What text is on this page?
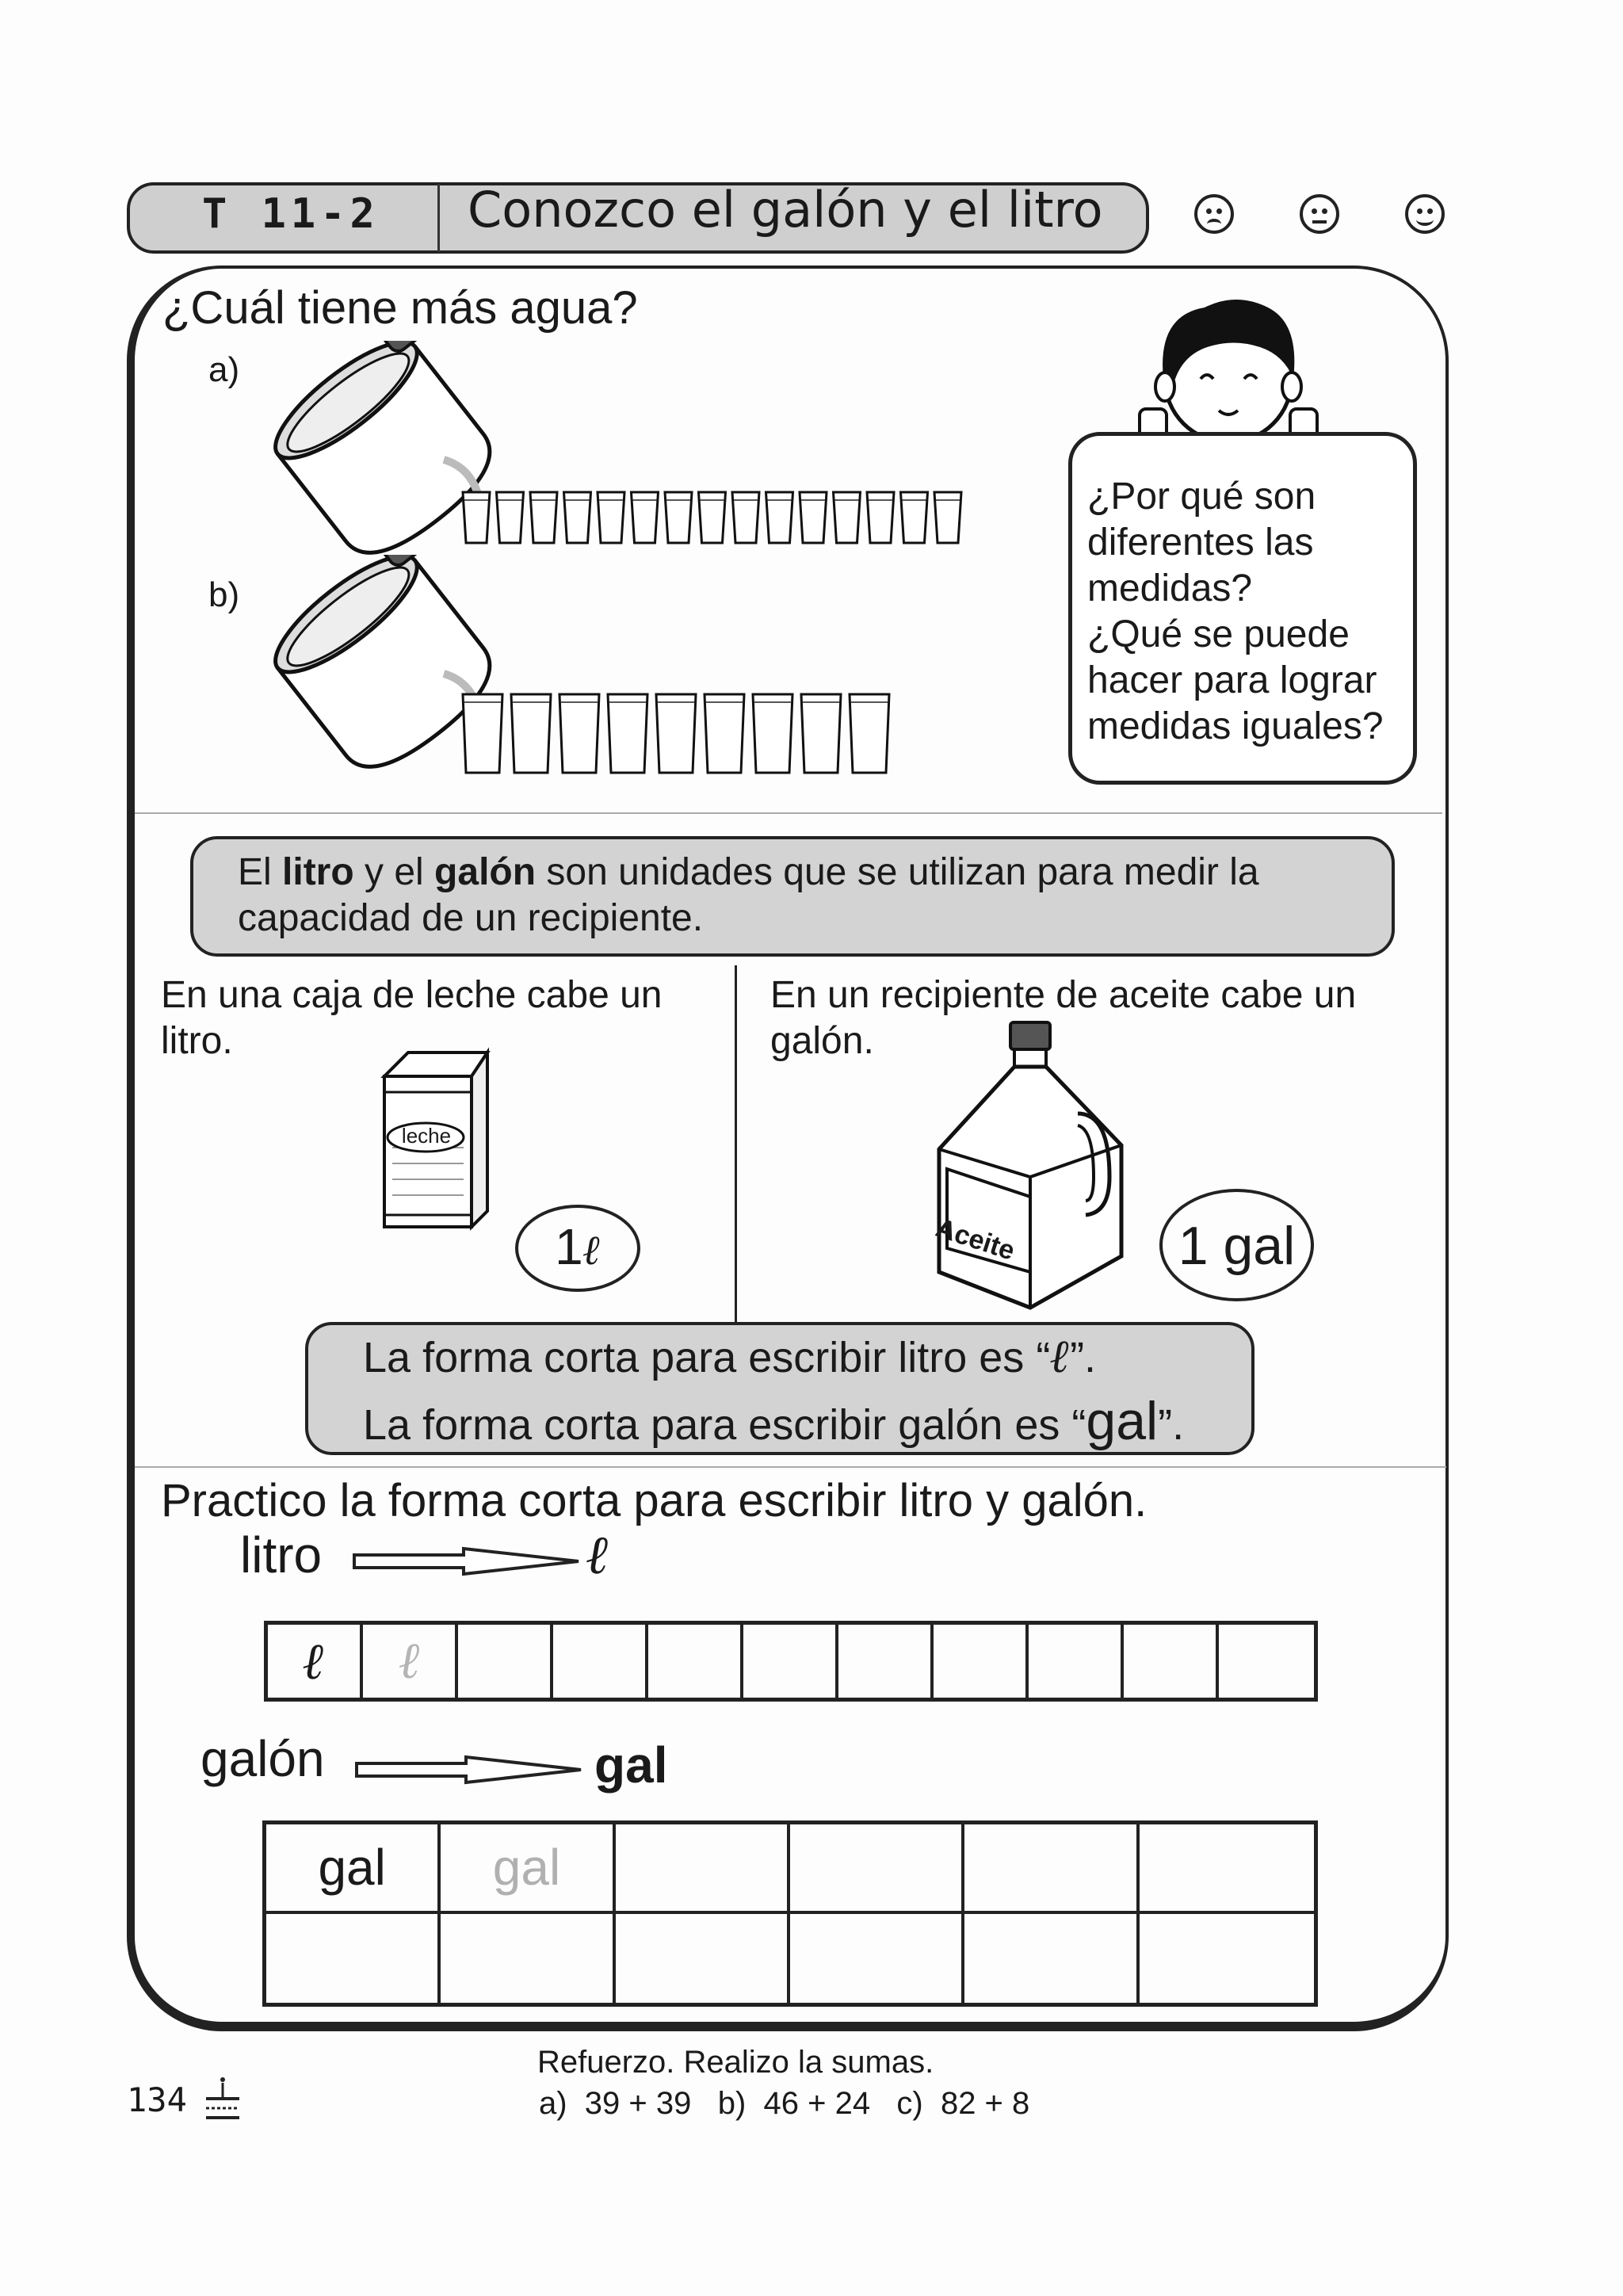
T 11-2 Conozco el galón y el litro
¿Cuál tiene más agua?
a)
b)
¿Por qué son
diferentes las
medidas?
¿Qué se puede
hacer para lograr
medidas iguales?
El litro y el galón son unidades que se utilizan para medir la
capacidad de un recipiente.
En una caja de leche cabe un
litro.
En un recipiente de aceite cabe un
galón.
leche
1ℓ	Aceite	1 gal
La forma corta para escribir litro es “ℓ”.
La forma corta para escribir galón es “gal”.
Practico la forma corta para escribir litro y galón.
litro	ℓ
ℓ	ℓ
galón	gal
gal	gal
134
Refuerzo. Realizo la sumas.
a)  39 + 39   b)  46 + 24   c)  82 + 8
